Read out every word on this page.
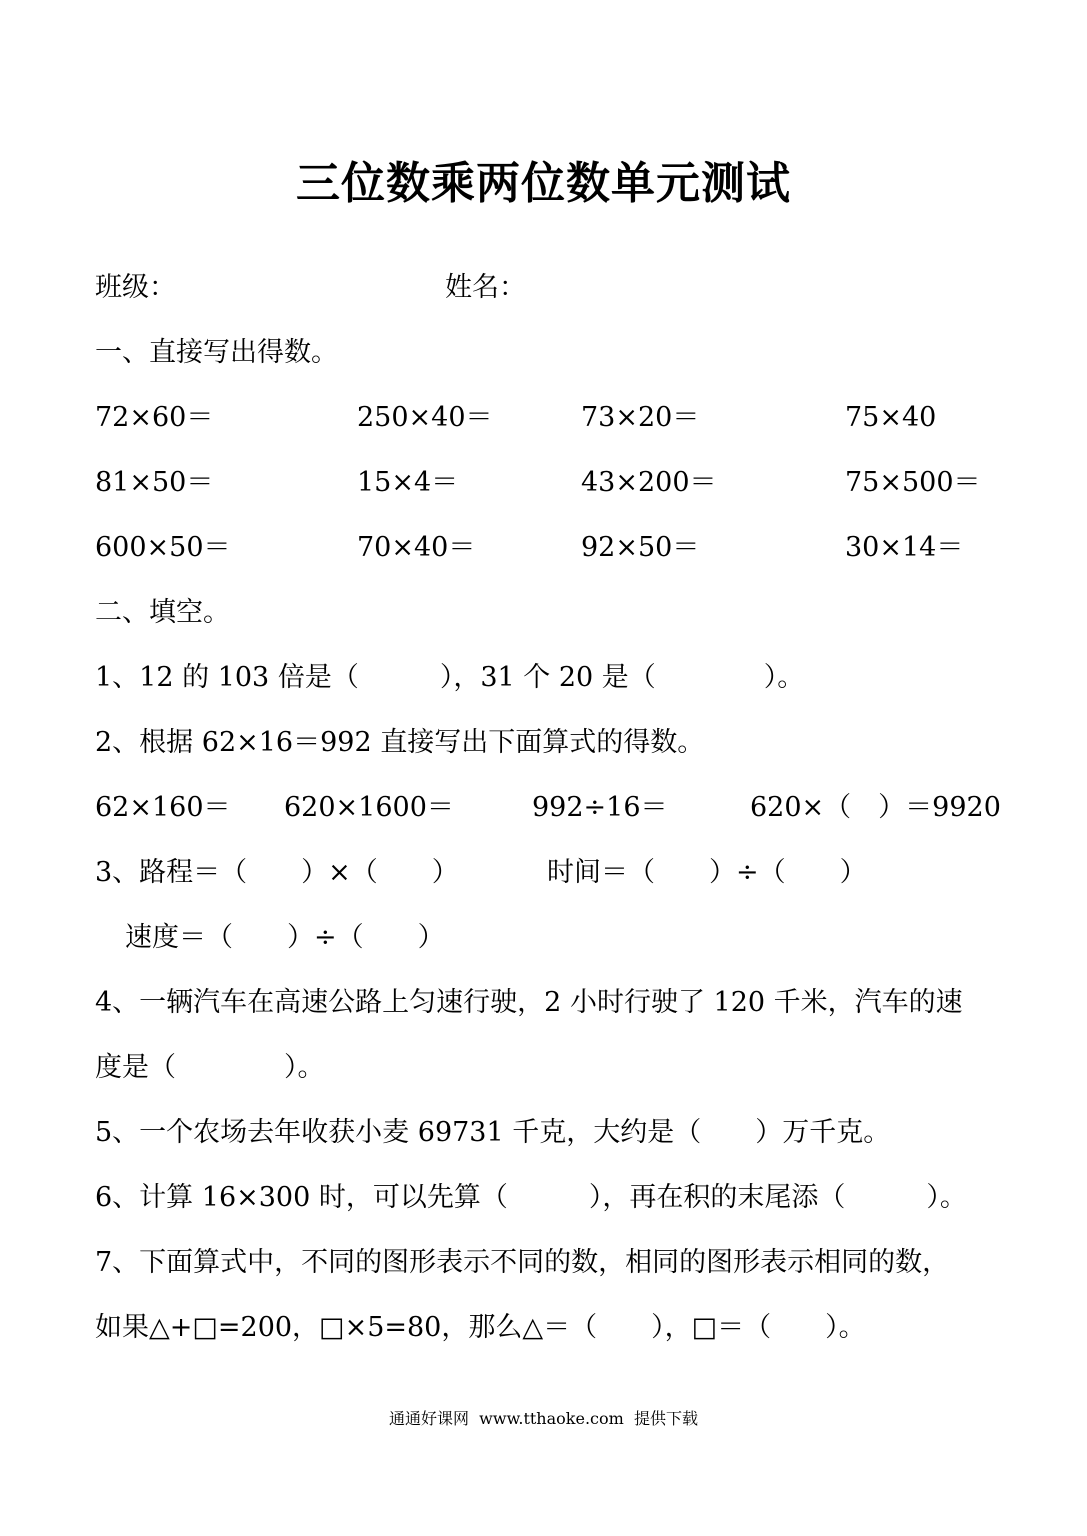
三位数乘两位数单元测试
班级：	姓名：
一、直接写出得数。
72×60＝	250×40＝	73×20＝	75×40
81×50＝	15×4＝	43×200＝	75×500＝
600×50＝	70×40＝	92×50＝	30×14＝
二、填空。
1、12 的 103 倍是（　　　），31 个 20 是（　　　　）。
2、根据 62×16＝992 直接写出下面算式的得数。
62×160＝ 620×1600＝	992÷16＝	620×（　）＝9920
3、路程＝（　　）×（　　）	时间＝（　　）÷（　　）
速度＝（　　）÷（　　）
4、一辆汽车在高速公路上匀速行驶，2 小时行驶了 120 千米，汽车的速
度是（　　　　）。
5、一个农场去年收获小麦 69731 千克，大约是（　　）万千克。
6、计算 16×300 时，可以先算（　　　），再在积的末尾添（　　　）。
7、下面算式中，不同的图形表示不同的数，相同的图形表示相同的数，
如果△+□=200，□×5=80，那么△＝（　　），□＝（　　）。
通通好课网  www.tthaoke.com  提供下载
